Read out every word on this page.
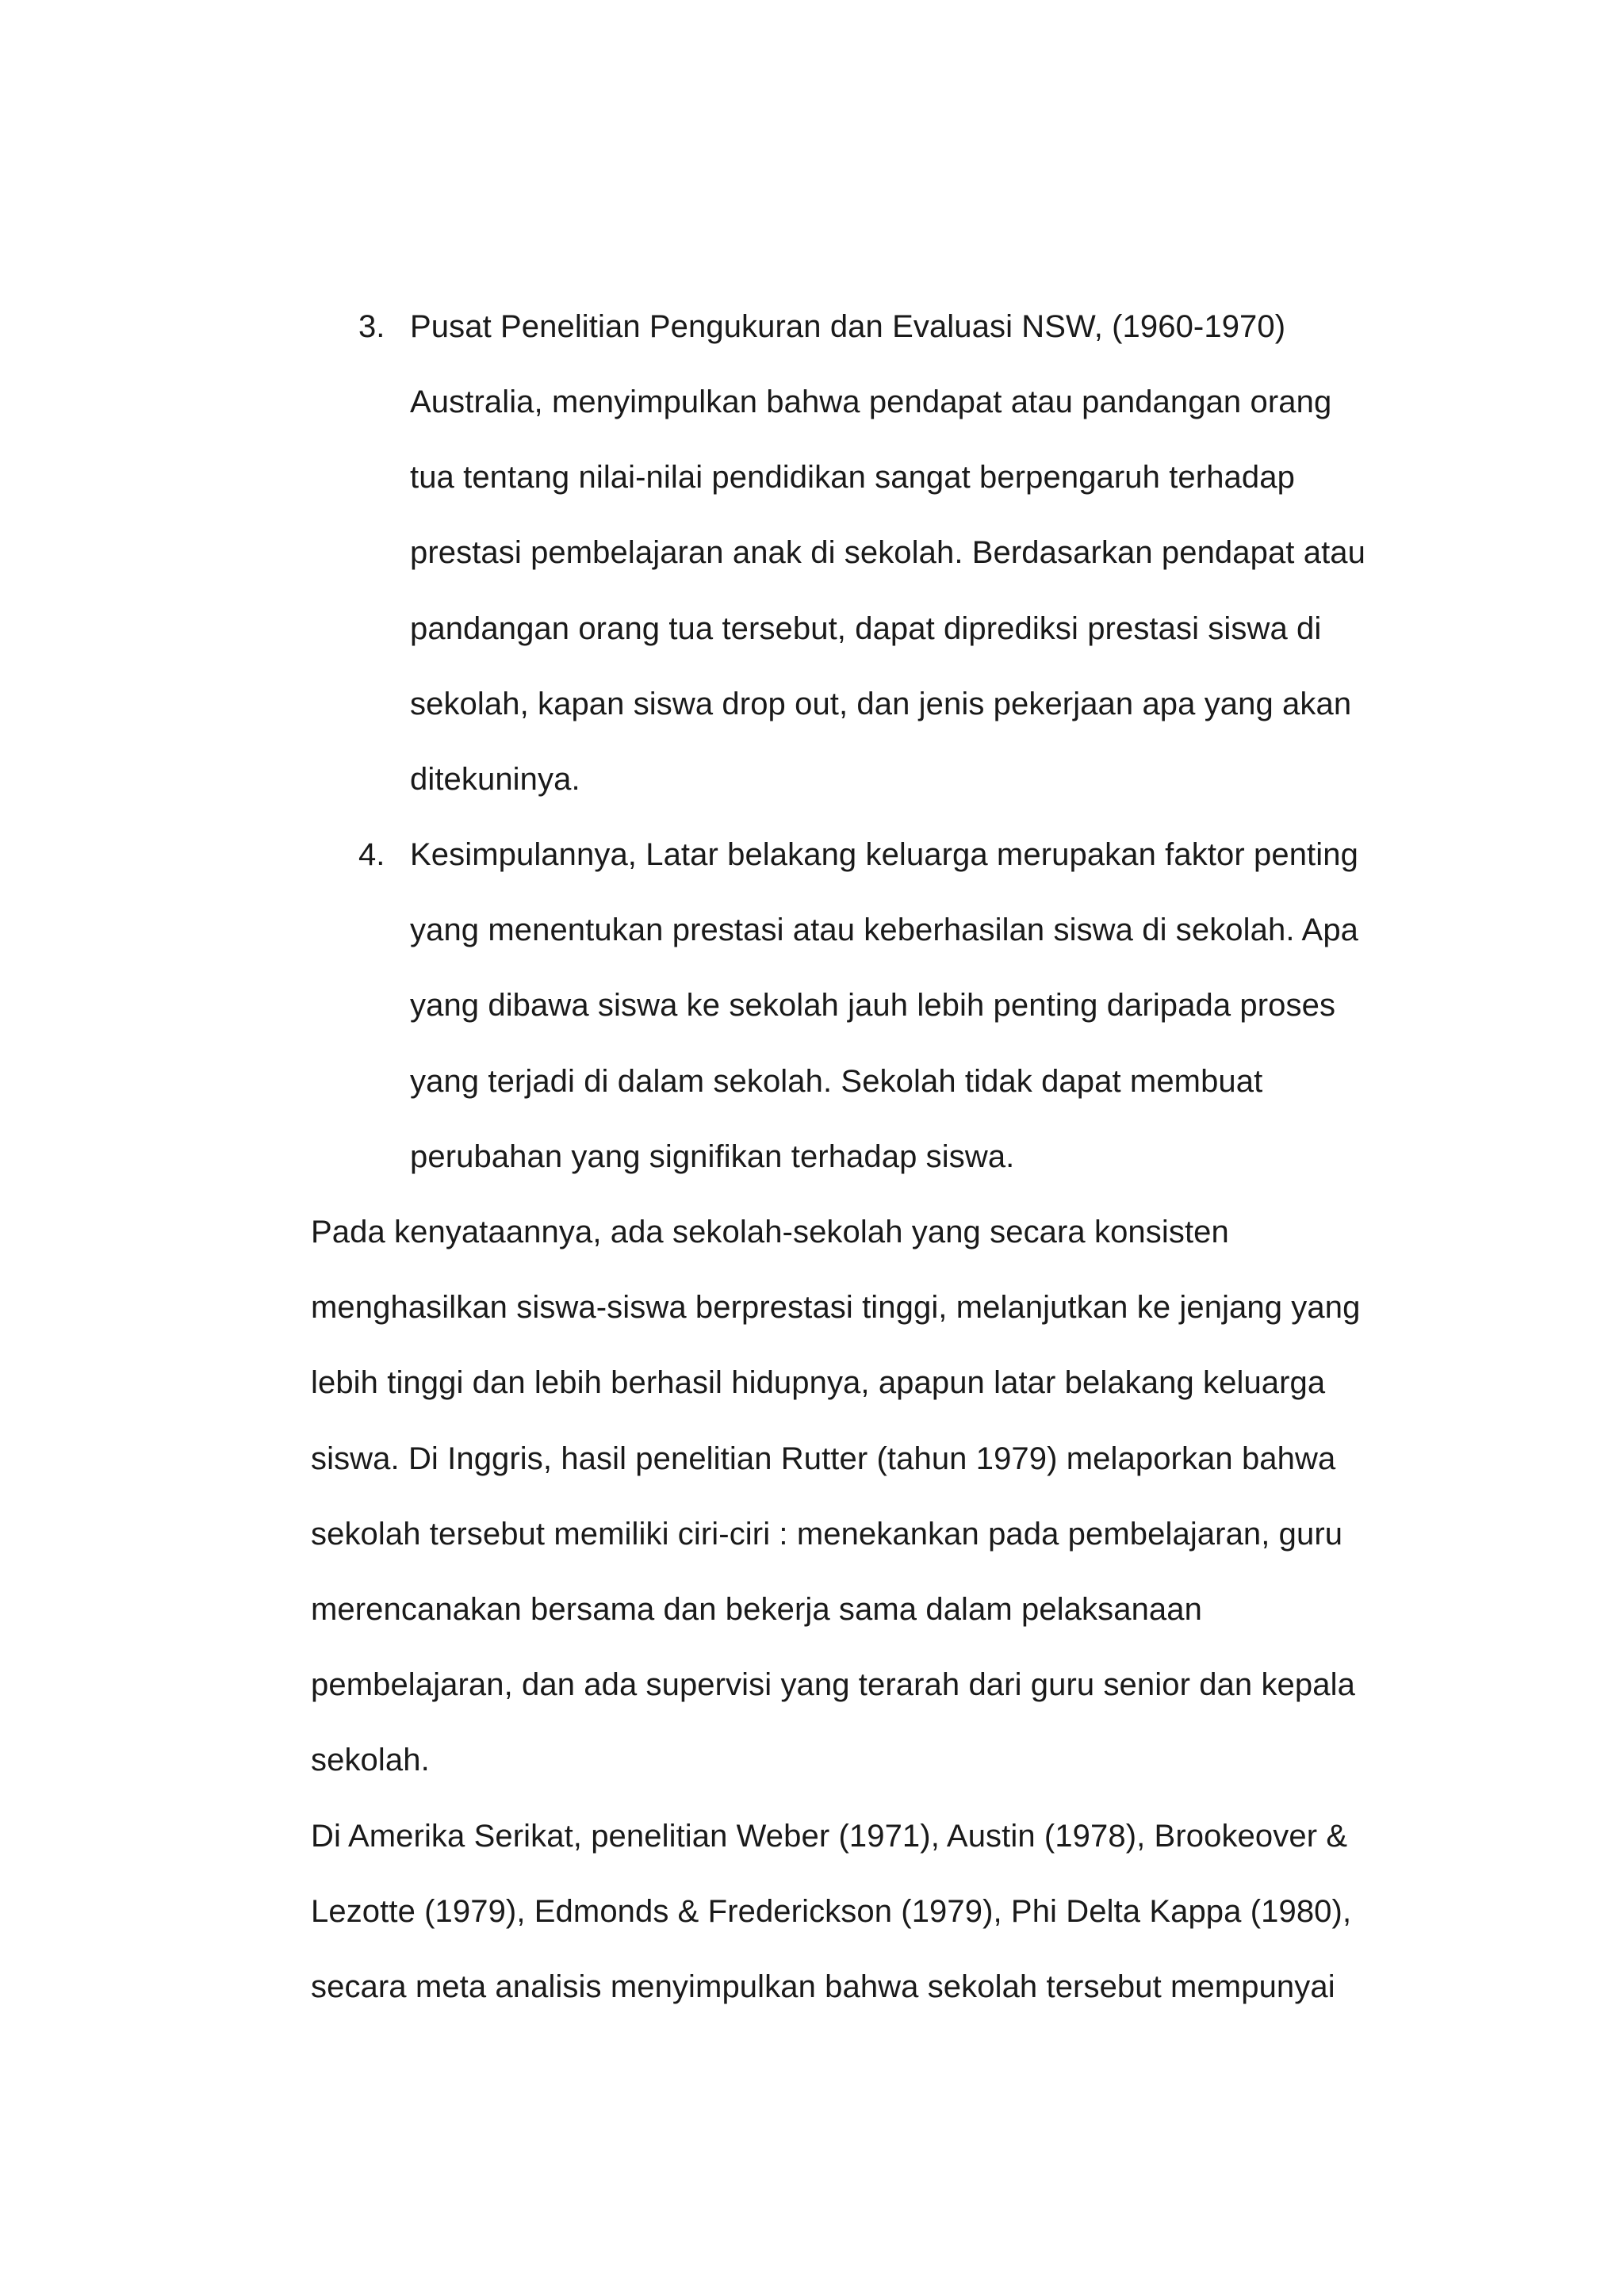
3. Pusat Penelitian Pengukuran dan Evaluasi NSW, (1960-1970)
Australia, menyimpulkan bahwa pendapat atau pandangan orang
tua tentang nilai-nilai pendidikan sangat berpengaruh terhadap
prestasi pembelajaran anak di sekolah. Berdasarkan pendapat atau
pandangan orang tua tersebut, dapat diprediksi prestasi siswa di
sekolah, kapan siswa drop out, dan jenis pekerjaan apa yang akan
ditekuninya.
4. Kesimpulannya, Latar belakang keluarga merupakan faktor penting
yang menentukan prestasi atau keberhasilan siswa di sekolah. Apa
yang dibawa siswa ke sekolah jauh lebih penting daripada proses
yang terjadi di dalam sekolah. Sekolah tidak dapat membuat
perubahan yang signifikan terhadap siswa.
Pada kenyataannya, ada sekolah-sekolah yang secara konsisten
menghasilkan siswa-siswa berprestasi tinggi, melanjutkan ke jenjang yang
lebih tinggi dan lebih berhasil hidupnya, apapun latar belakang keluarga
siswa. Di Inggris, hasil penelitian Rutter (tahun 1979) melaporkan bahwa
sekolah tersebut memiliki ciri-ciri : menekankan pada pembelajaran, guru
merencanakan bersama dan bekerja sama dalam pelaksanaan
pembelajaran, dan ada supervisi yang terarah dari guru senior dan kepala
sekolah.
Di Amerika Serikat, penelitian Weber (1971), Austin (1978), Brookeover &
Lezotte (1979), Edmonds & Frederickson (1979), Phi Delta Kappa (1980),
secara meta analisis menyimpulkan bahwa sekolah tersebut mempunyai
